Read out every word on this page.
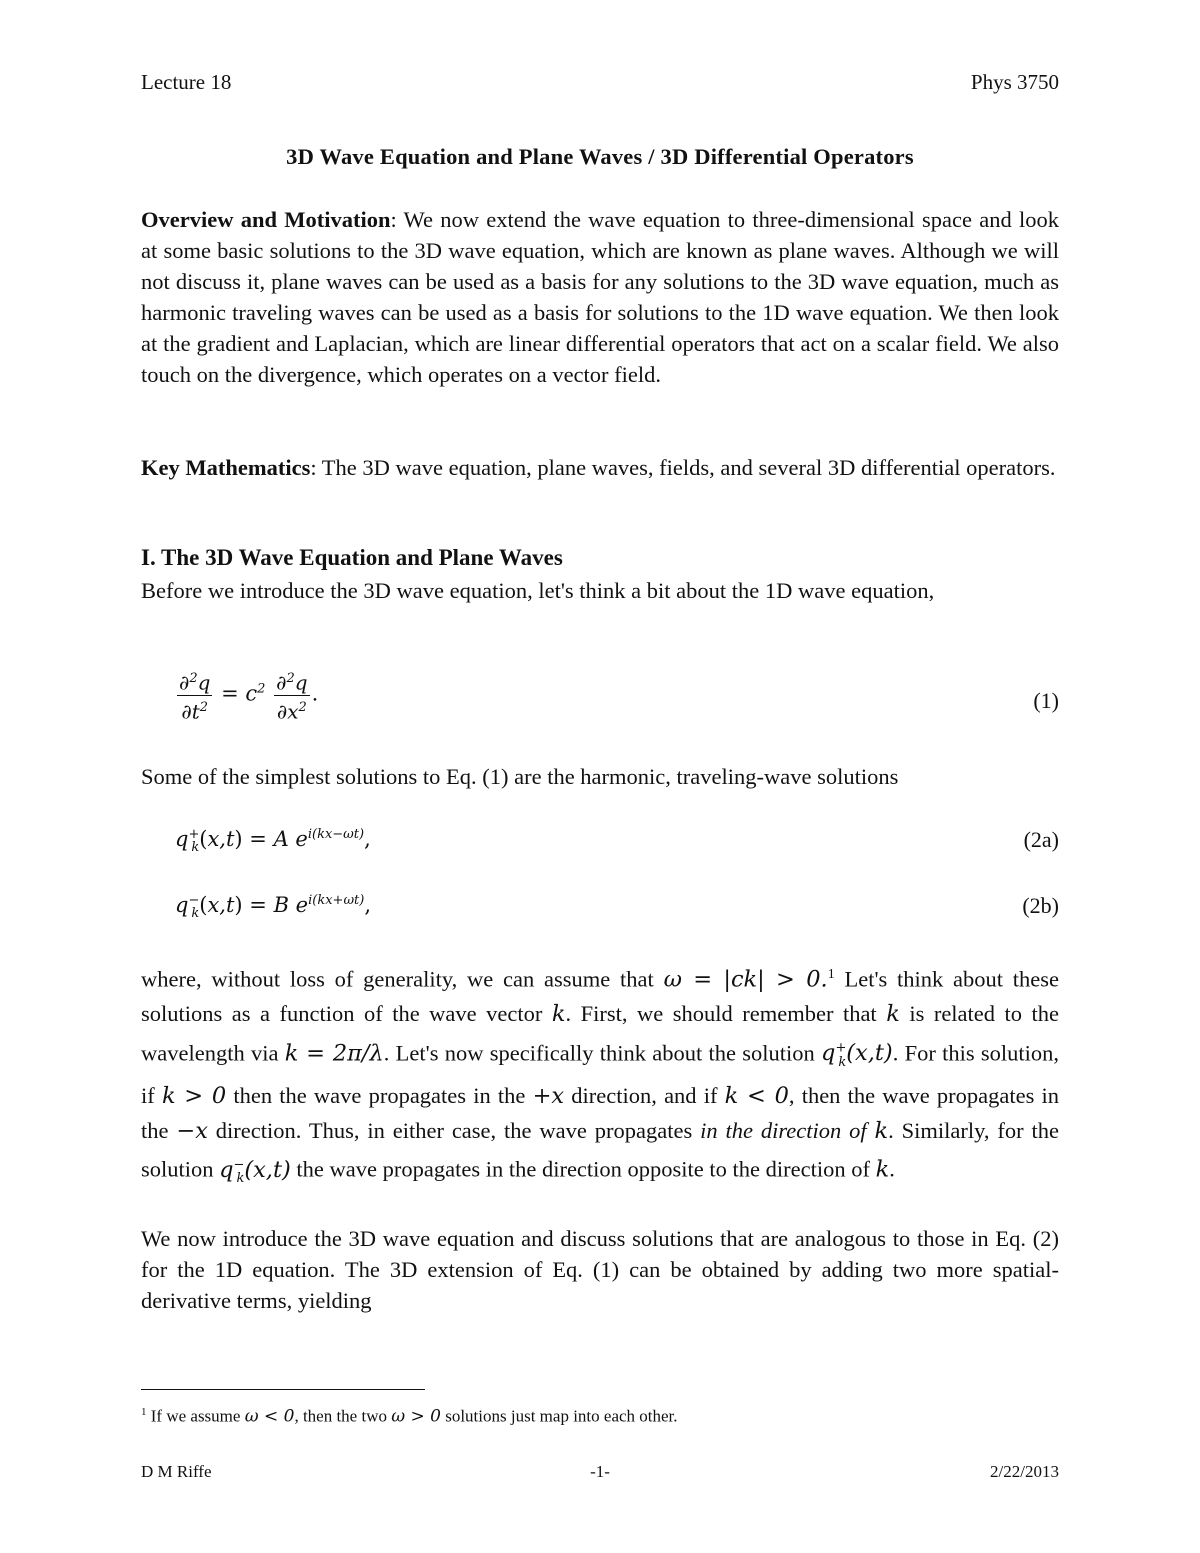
Lecture 18	Phys 3750
3D Wave Equation and Plane Waves / 3D Differential Operators
Overview and Motivation: We now extend the wave equation to three-dimensional space and look at some basic solutions to the 3D wave equation, which are known as plane waves. Although we will not discuss it, plane waves can be used as a basis for any solutions to the 3D wave equation, much as harmonic traveling waves can be used as a basis for solutions to the 1D wave equation. We then look at the gradient and Laplacian, which are linear differential operators that act on a scalar field. We also touch on the divergence, which operates on a vector field.
Key Mathematics: The 3D wave equation, plane waves, fields, and several 3D differential operators.
I. The 3D Wave Equation and Plane Waves
Before we introduce the 3D wave equation, let's think a bit about the 1D wave equation,
$\frac{\partial^2q}{\partial t^2} = c^2 \frac{\partial^2q}{\partial x^2}$ .	(1)
Some of the simplest solutions to Eq. (1) are the harmonic, traveling-wave solutions
$q^+_k(x,t) = A$ $e^{i(kx-\omega t)}$,	(2a)
$q^-_k(x,t) = B$ $e^{i(kx+\omega t)}$,	(2b)
where, without loss of generality, we can assume that ω = |ck| > 0.$^1$ Let's think about these solutions as a function of the wave vector k. First, we should remember that k is related to the wavelength via k = 2π/λ. Let's now specifically think about the solution $q^+_k(x,t)$. For this solution, if k > 0 then the wave propagates in the +x direction, and if k < 0, then the wave propagates in the −x direction. Thus, in either case, the wave propagates in the direction of k. Similarly, for the solution $q^-_k(x,t)$ the wave propagates in the direction opposite to the direction of k.
We now introduce the 3D wave equation and discuss solutions that are analogous to those in Eq. (2) for the 1D equation. The 3D extension of Eq. (1) can be obtained by adding two more spatial-derivative terms, yielding
$^1$ If we assume ω < 0, then the two ω > 0 solutions just map into each other.
D M Riffe	-1-	2/22/2013
